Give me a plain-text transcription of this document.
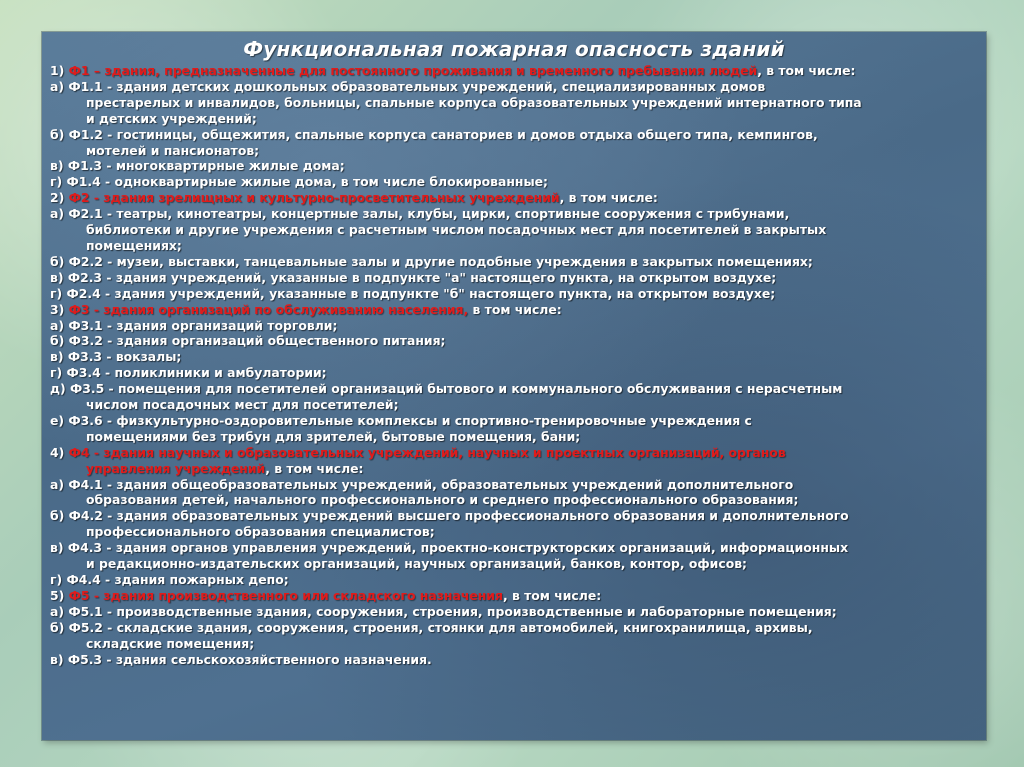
Функциональная пожарная опасность зданий
1) Ф1 – здания, предназначенные для постоянного проживания и временного пребывания людей, в том числе:
а) Ф1.1 - здания детских дошкольных образовательных учреждений, специализированных домов
престарелых и инвалидов, больницы, спальные корпуса образовательных учреждений интернатного типа
и детских учреждений;
б) Ф1.2 - гостиницы, общежития, спальные корпуса санаториев и домов отдыха общего типа, кемпингов,
мотелей и пансионатов;
в) Ф1.3 - многоквартирные жилые дома;
г) Ф1.4 - одноквартирные жилые дома, в том числе блокированные;
2) Ф2 - здания зрелищных и культурно-просветительных учреждений, в том числе:
а) Ф2.1 - театры, кинотеатры, концертные залы, клубы, цирки, спортивные сооружения с трибунами,
библиотеки и другие учреждения с расчетным числом посадочных мест для посетителей в закрытых
помещениях;
б) Ф2.2 - музеи, выставки, танцевальные залы и другие подобные учреждения в закрытых помещениях;
в) Ф2.3 - здания учреждений, указанные в подпункте "а" настоящего пункта, на открытом воздухе;
г) Ф2.4 - здания учреждений, указанные в подпункте "б" настоящего пункта, на открытом воздухе;
3) Ф3 - здания организаций по обслуживанию населения, в том числе:
а) Ф3.1 - здания организаций торговли;
б) Ф3.2 - здания организаций общественного питания;
в) Ф3.3 - вокзалы;
г) Ф3.4 - поликлиники и амбулатории;
д) Ф3.5 - помещения для посетителей организаций бытового и коммунального обслуживания с нерасчетным
числом посадочных мест для посетителей;
е) Ф3.6 - физкультурно-оздоровительные комплексы и спортивно-тренировочные учреждения с
помещениями без трибун для зрителей, бытовые помещения, бани;
4) Ф4 - здания научных и образовательных учреждений, научных и проектных организаций, органов
управления учреждений, в том числе:
а) Ф4.1 - здания общеобразовательных учреждений, образовательных учреждений дополнительного
образования детей, начального профессионального и среднего профессионального образования;
б) Ф4.2 - здания образовательных учреждений высшего профессионального образования и дополнительного
профессионального образования специалистов;
в) Ф4.3 - здания органов управления учреждений, проектно-конструкторских организаций, информационных
и редакционно-издательских организаций, научных организаций, банков, контор, офисов;
г) Ф4.4 - здания пожарных депо;
5) Ф5 - здания производственного или складского назначения, в том числе:
а) Ф5.1 - производственные здания, сооружения, строения, производственные и лабораторные помещения;
б) Ф5.2 - складские здания, сооружения, строения, стоянки для автомобилей, книгохранилища, архивы,
складские помещения;
в) Ф5.3 - здания сельскохозяйственного назначения.
